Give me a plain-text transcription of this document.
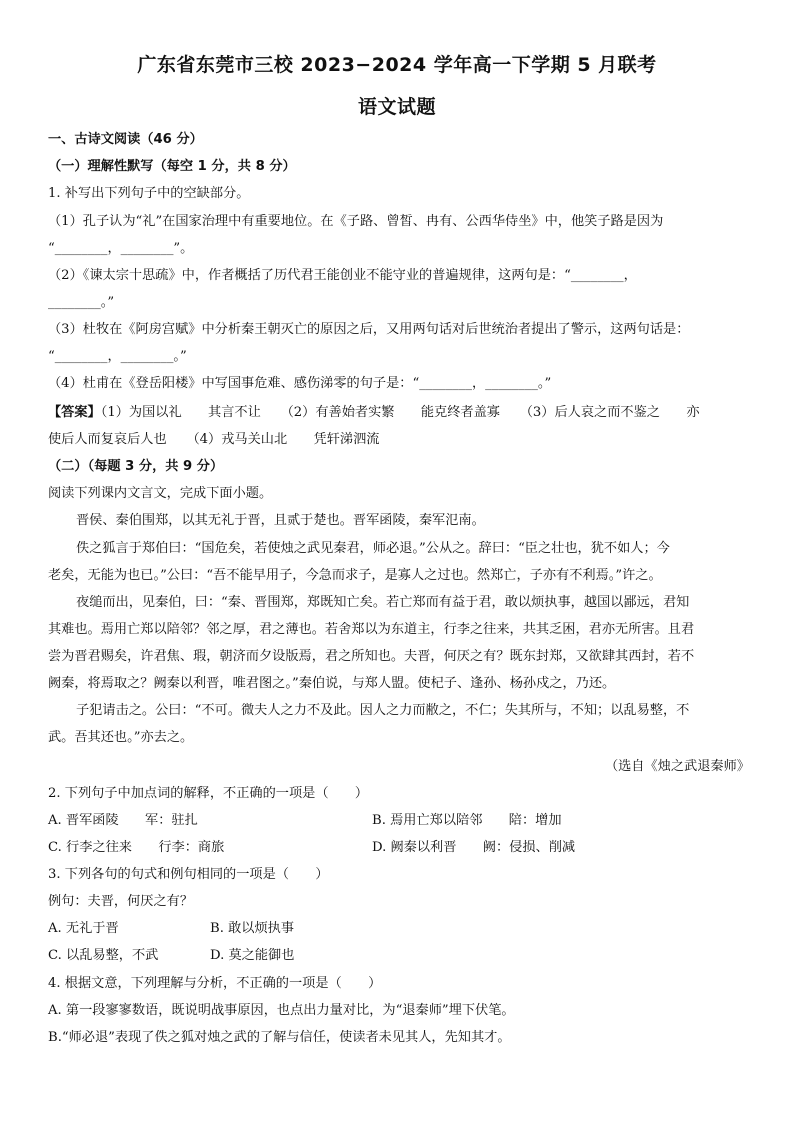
广东省东莞市三校 2023−2024 学年高一下学期 5 月联考
语文试题
一、古诗文阅读（46 分）
（一）理解性默写（每空 1 分，共 8 分）
1. 补写出下列句子中的空缺部分。
（1）孔子认为“礼”在国家治理中有重要地位。在《子路、曾皙、冉有、公西华侍坐》中，他笑子路是因为
“________，________”。
（2）《谏太宗十思疏》中，作者概括了历代君王能创业不能守业的普遍规律，这两句是：“________，
________。”
（3）杜牧在《阿房宫赋》中分析秦王朝灭亡的原因之后，又用两句话对后世统治者提出了警示，这两句话是：
“________，________。”
（4）杜甫在《登岳阳楼》中写国事危难、感伤涕零的句子是：“________，________。”
【答案】（1）为国以礼　　其言不让　　（2）有善始者实繁　　能克终者盖寡　　（3）后人哀之而不鉴之　　亦
使后人而复哀后人也　　（4）戎马关山北　　凭轩涕泗流
（二）（每题 3 分，共 9 分）
阅读下列课内文言文，完成下面小题。
晋侯、秦伯围郑，以其无礼于晋，且贰于楚也。晋军函陵，秦军氾南。
佚之狐言于郑伯曰：“国危矣，若使烛之武见秦君，师必退。”公从之。辞曰：“臣之壮也，犹不如人；今
老矣，无能为也已。”公曰：“吾不能早用子，今急而求子，是寡人之过也。然郑亡，子亦有不利焉。”许之。
夜缒而出，见秦伯，曰：“秦、晋围郑，郑既知亡矣。若亡郑而有益于君，敢以烦执事，越国以鄙远，君知
其难也。焉用亡郑以陪邻？邻之厚，君之薄也。若舍郑以为东道主，行李之往来，共其乏困，君亦无所害。且君
尝为晋君赐矣，许君焦、瑕，朝济而夕设版焉，君之所知也。夫晋，何厌之有？既东封郑，又欲肆其西封，若不
阙秦，将焉取之？阙秦以利晋，唯君图之。”秦伯说，与郑人盟。使杞子、逢孙、杨孙戍之，乃还。
子犯请击之。公曰：“不可。微夫人之力不及此。因人之力而敝之，不仁；失其所与，不知；以乱易整，不
武。吾其还也。”亦去之。
（选自《烛之武退秦师》
2. 下列句子中加点词的解释，不正确的一项是（　　）
A. 晋军函陵　　军：驻扎	B. 焉用亡郑以陪邻　　陪：增加
C. 行李之往来　　行李：商旅	D. 阙秦以利晋　　阙：侵损、削减
3. 下列各句的句式和例句相同的一项是（　　）
例句：夫晋，何厌之有？
A. 无礼于晋	B. 敢以烦执事
C. 以乱易整，不武	D. 莫之能御也
4. 根据文意，下列理解与分析，不正确的一项是（　　）
A. 第一段寥寥数语，既说明战事原因，也点出力量对比，为“退秦师”埋下伏笔。
B.“师必退”表现了佚之狐对烛之武的了解与信任，使读者未见其人，先知其才。
